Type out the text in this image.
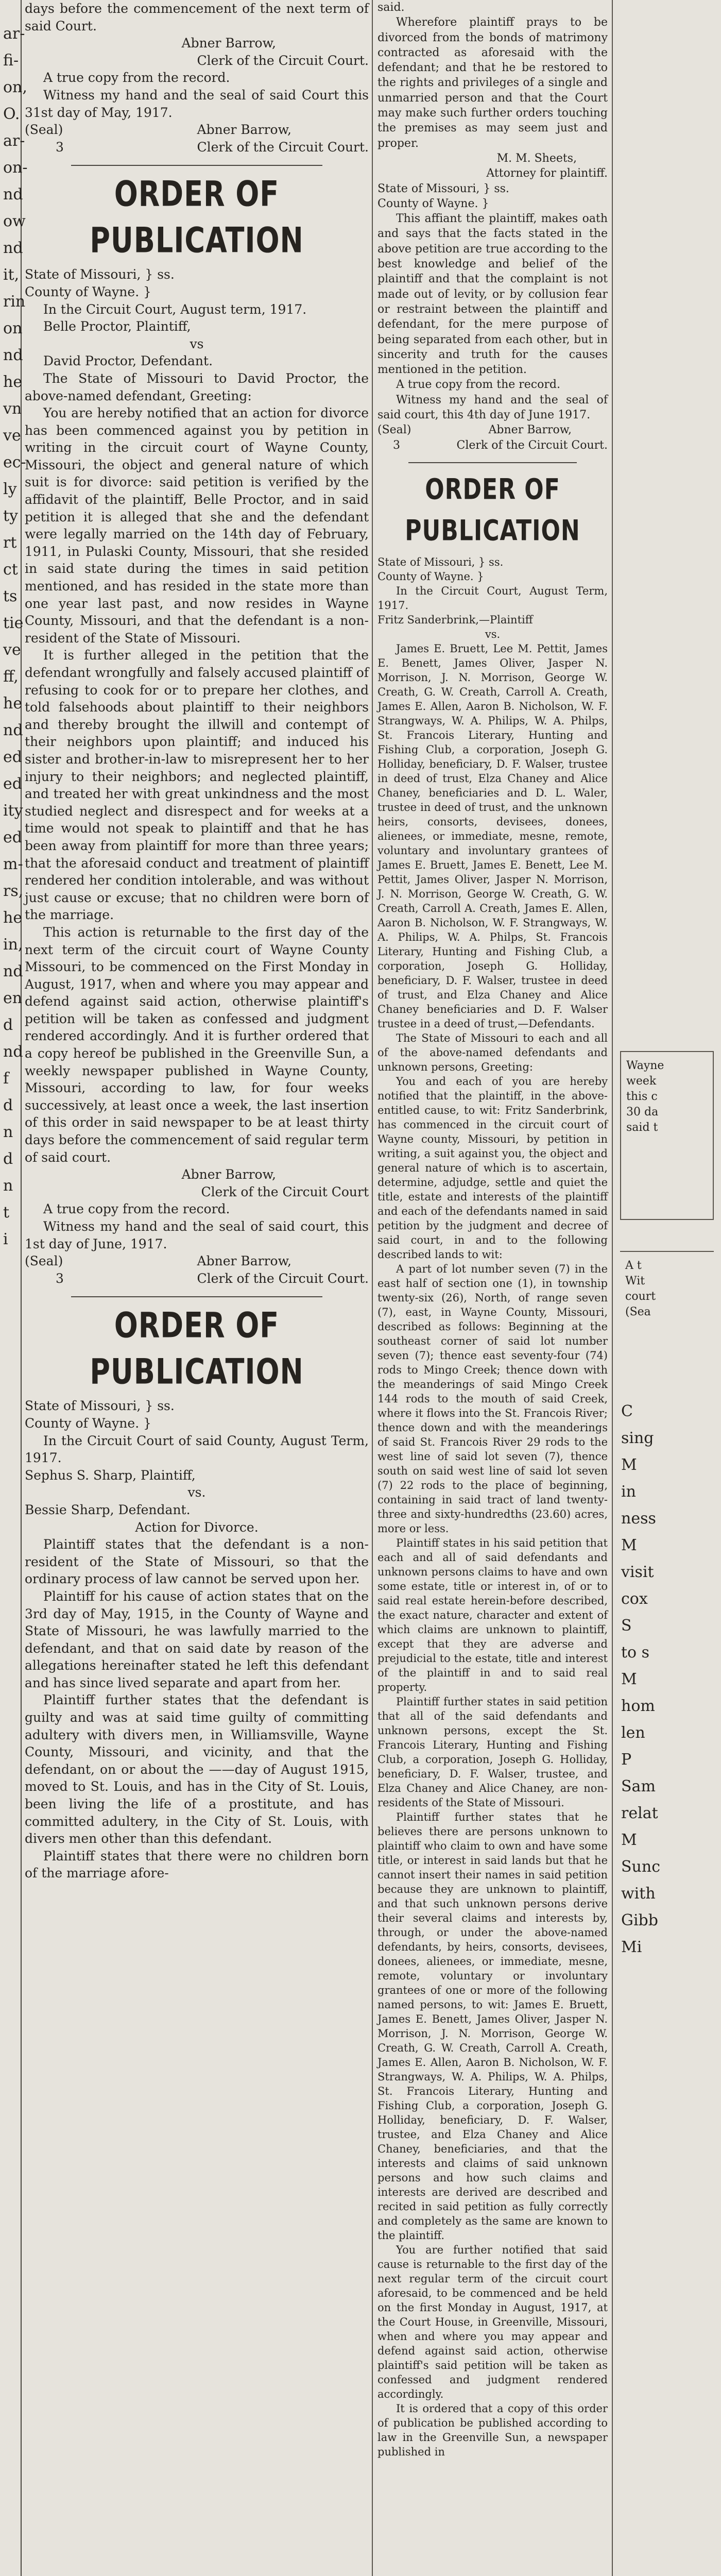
ar-
fi-
on,
O.
ar-
on-
nd
ow
nd
it,
rin
on
nd
he
vn
ve
ec-
ly
ty
rt
ct
ts
tie
ve
ff,
he
nd
ed
ed
ity
ed
m-
rs,
he
in,
nd
en
d
nd
f
d
n
d
n
t
i

days before the commencement of the next term of said Court.

Abner Barrow,

Clerk of the Circuit Court.

A true copy from the record.

Witness my hand and the seal of said Court this 31st day of May, 1917.

(Seal)	Abner Barrow,

3	Clerk of the Circuit Court.

ORDER OF PUBLICATION

State of Missouri, } ss.

County of Wayne. }

In the Circuit Court, August term, 1917.

Belle Proctor, Plaintiff,

vs

David Proctor, Defendant.

The State of Missouri to David Proctor, the above-named defendant, Greeting:

You are hereby notified that an action for divorce has been commenced against you by petition in writing in the circuit court of Wayne County, Missouri, the object and general nature of which suit is for divorce: said petition is verified by the affidavit of the plaintiff, Belle Proctor, and in said petition it is alleged that she and the defendant were legally married on the 14th day of February, 1911, in Pulaski County, Missouri, that she resided in said state during the times in said petition mentioned, and has resided in the state more than one year last past, and now resides in Wayne County, Missouri, and that the defendant is a non-resident of the State of Missouri.

It is further alleged in the petition that the defendant wrongfully and falsely accused plaintiff of refusing to cook for or to prepare her clothes, and told falsehoods about plaintiff to their neighbors and thereby brought the illwill and contempt of their neighbors upon plaintiff; and induced his sister and brother-in-law to misrepresent her to her injury to their neighbors; and neglected plaintiff, and treated her with great unkindness and the most studied neglect and disrespect and for weeks at a time would not speak to plaintiff and that he has been away from plaintiff for more than three years; that the aforesaid conduct and treatment of plaintiff rendered her condition intolerable, and was without just cause or excuse; that no children were born of the marriage.

This action is returnable to the first day of the next term of the circuit court of Wayne County Missouri, to be commenced on the First Monday in August, 1917, when and where you may appear and defend against said action, otherwise plaintiff's petition will be taken as confessed and judgment rendered accordingly. And it is further ordered that a copy hereof be published in the Greenville Sun, a weekly newspaper published in Wayne County, Missouri, according to law, for four weeks successively, at least once a week, the last insertion of this order in said newspaper to be at least thirty days before the commencement of said regular term of said court.

Abner Barrow,

Clerk of the Circuit Court

A true copy from the record.

Witness my hand and the seal of said court, this 1st day of June, 1917.

(Seal)	Abner Barrow,

3	Clerk of the Circuit Court.

ORDER OF PUBLICATION

State of Missouri, } ss.

County of Wayne. }

In the Circuit Court of said County, August Term, 1917.

Sephus S. Sharp, Plaintiff,

vs.

Bessie Sharp, Defendant.

Action for Divorce.

Plaintiff states that the defendant is a non-resident of the State of Missouri, so that the ordinary process of law cannot be served upon her.

Plaintiff for his cause of action states that on the 3rd day of May, 1915, in the County of Wayne and State of Missouri, he was lawfully married to the defendant, and that on said date by reason of the allegations hereinafter stated he left this defendant and has since lived separate and apart from her.

Plaintiff further states that the defendant is guilty and was at said time guilty of committing adultery with divers men, in Williamsville, Wayne County, Missouri, and vicinity, and that the defendant, on or about the ——day of August 1915, moved to St. Louis, and has in the City of St. Louis, been living the life of a prostitute, and has committed adultery, in the City of St. Louis, with divers men other than this defendant.

Plaintiff states that there were no children born of the marriage afore-

said.

Wherefore plaintiff prays to be divorced from the bonds of matrimony contracted as aforesaid with the defendant; and that he be restored to the rights and privileges of a single and unmarried person and that the Court may make such further orders touching the premises as may seem just and proper.

M. M. Sheets,

Attorney for plaintiff.

State of Missouri, } ss.

County of Wayne. }

This affiant the plaintiff, makes oath and says that the facts stated in the above petition are true according to the best knowledge and belief of the plaintiff and that the complaint is not made out of levity, or by collusion fear or restraint between the plaintiff and defendant, for the mere purpose of being separated from each other, but in sincerity and truth for the causes mentioned in the petition.

A true copy from the record.

Witness my hand and the seal of said court, this 4th day of June 1917.

(Seal)	Abner Barrow,

3	Clerk of the Circuit Court.

ORDER OF PUBLICATION

State of Missouri, } ss.

County of Wayne. }

In the Circuit Court, August Term, 1917.

Fritz Sanderbrink,—Plaintiff

vs.

James E. Bruett, Lee M. Pettit, James E. Benett, James Oliver, Jasper N. Morrison, J. N. Morrison, George W. Creath, G. W. Creath, Carroll A. Creath, James E. Allen, Aaron B. Nicholson, W. F. Strangways, W. A. Philips, W. A. Philps, St. Francois Literary, Hunting and Fishing Club, a corporation, Joseph G. Holliday, beneficiary, D. F. Walser, trustee in deed of trust, Elza Chaney and Alice Chaney, beneficiaries and D. L. Waler, trustee in deed of trust, and the unknown heirs, consorts, devisees, donees, alienees, or immediate, mesne, remote, voluntary and involuntary grantees of James E. Bruett, James E. Benett, Lee M. Pettit, James Oliver, Jasper N. Morrison, J. N. Morrison, George W. Creath, G. W. Creath, Carroll A. Creath, James E. Allen, Aaron B. Nicholson, W. F. Strangways, W. A. Philips, W. A. Philps, St. Francois Literary, Hunting and Fishing Club, a corporation, Joseph G. Holliday, beneficiary, D. F. Walser, trustee in deed of trust, and Elza Chaney and Alice Chaney beneficiaries and D. F. Walser trustee in a deed of trust,—Defendants.

The State of Missouri to each and all of the above-named defendants and unknown persons, Greeting:

You and each of you are hereby notified that the plaintiff, in the above-entitled cause, to wit: Fritz Sanderbrink, has commenced in the circuit court of Wayne county, Missouri, by petition in writing, a suit against you, the object and general nature of which is to ascertain, determine, adjudge, settle and quiet the title, estate and interests of the plaintiff and each of the defendants named in said petition by the judgment and decree of said court, in and to the following described lands to wit:

A part of lot number seven (7) in the east half of section one (1), in township twenty-six (26), North, of range seven (7), east, in Wayne County, Missouri, described as follows: Beginning at the southeast corner of said lot number seven (7); thence east seventy-four (74) rods to Mingo Creek; thence down with the meanderings of said Mingo Creek 144 rods to the mouth of said Creek, where it flows into the St. Francois River; thence down and with the meanderings of said St. Francois River 29 rods to the west line of said lot seven (7), thence south on said west line of said lot seven (7) 22 rods to the place of beginning, containing in said tract of land twenty-three and sixty-hundredths (23.60) acres, more or less.

Plaintiff states in his said petition that each and all of said defendants and unknown persons claims to have and own some estate, title or interest in, of or to said real estate herein-before described, the exact nature, character and extent of which claims are unknown to plaintiff, except that they are adverse and prejudicial to the estate, title and interest of the plaintiff in and to said real property.

Plaintiff further states in said petition that all of the said defendants and unknown persons, except the St. Francois Literary, Hunting and Fishing Club, a corporation, Joseph G. Holliday, beneficiary, D. F. Walser, trustee, and Elza Chaney and Alice Chaney, are non-residents of the State of Missouri.

Plaintiff further states that he believes there are persons unknown to plaintiff who claim to own and have some title, or interest in said lands but that he cannot insert their names in said petition because they are unknown to plaintiff, and that such unknown persons derive their several claims and interests by, through, or under the above-named defendants, by heirs, consorts, devisees, donees, alienees, or immediate, mesne, remote, voluntary or involuntary grantees of one or more of the following named persons, to wit: James E. Bruett, James E. Benett, James Oliver, Jasper N. Morrison, J. N. Morrison, George W. Creath, G. W. Creath, Carroll A. Creath, James E. Allen, Aaron B. Nicholson, W. F. Strangways, W. A. Philips, W. A. Philps, St. Francois Literary, Hunting and Fishing Club, a corporation, Joseph G. Holliday, beneficiary, D. F. Walser, trustee, and Elza Chaney and Alice Chaney, beneficiaries, and that the interests and claims of said unknown persons and how such claims and interests are derived are described and recited in said petition as fully correctly and completely as the same are known to the plaintiff.

You are further notified that said cause is returnable to the first day of the next regular term of the circuit court aforesaid, to be commenced and be held on the first Monday in August, 1917, at the Court House, in Greenville, Missouri, when and where you may appear and defend against said action, otherwise plaintiff's said petition will be taken as confessed and judgment rendered accordingly.

It is ordered that a copy of this order of publication be published according to law in the Greenville Sun, a newspaper published in

Wayne
week
this c
30 da
said t
A t
Wit
court
(Sea
C
sing
M
in
ness
M
visit
cox
S
to s
M
hom
len
P
Sam
relat
M
Sunc
with
Gibb
Mi
